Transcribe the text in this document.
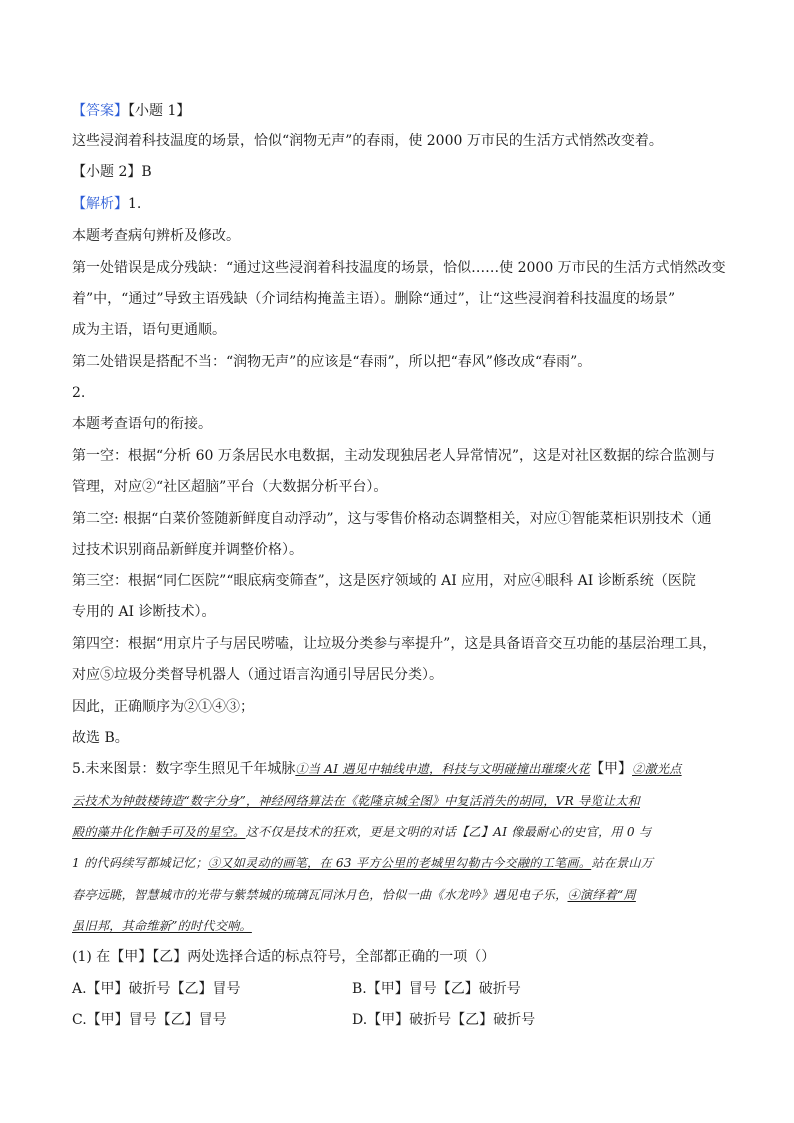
【答案】【小题 1】
这些浸润着科技温度的场景，恰似“润物无声”的春雨，使 2000 万市民的生活方式悄然改变着。
【小题 2】B
【解析】1.
本题考查病句辨析及修改。
第一处错误是成分残缺：“通过这些浸润着科技温度的场景，恰似……使 2000 万市民的生活方式悄然改变
着”中，“通过”导致主语残缺（介词结构掩盖主语）。删除“通过”，让“这些浸润着科技温度的场景”
成为主语，语句更通顺。
第二处错误是搭配不当：“润物无声”的应该是“春雨”，所以把“春风”修改成“春雨”。
2.
本题考查语句的衔接。
第一空：根据“分析 60 万条居民水电数据，主动发现独居老人异常情况”，这是对社区数据的综合监测与
管理，对应②“社区超脑”平台（大数据分析平台）。
第二空: 根据“白菜价签随新鲜度自动浮动”，这与零售价格动态调整相关，对应①智能菜柜识别技术（通
过技术识别商品新鲜度并调整价格）。
第三空：根据“同仁医院”“眼底病变筛查”，这是医疗领域的 AI 应用，对应④眼科 AI 诊断系统（医院
专用的 AI 诊断技术）。
第四空：根据“用京片子与居民唠嗑，让垃圾分类参与率提升”，这是具备语音交互功能的基层治理工具，
对应⑤垃圾分类督导机器人（通过语言沟通引导居民分类）。
因此，正确顺序为②①④③；
故选 B。
5.未来图景：数字孪生照见千年城脉①当 AI 遇见中轴线申遗，科技与文明碰撞出璀璨火花【甲】②激光点
云技术为钟鼓楼铸造“数字分身”，神经网络算法在《乾隆京城全图》中复活消失的胡同，VR 导览让太和
殿的藻井化作触手可及的星空。这不仅是技术的狂欢，更是文明的对话【乙】AI 像最耐心的史官，用 0 与
1 的代码续写都城记忆；③又如灵动的画笔，在 63 平方公里的老城里勾勒古今交融的工笔画。站在景山万
春亭远眺，智慧城市的光带与紫禁城的琉璃瓦同沐月色，恰似一曲《水龙吟》遇见电子乐，④演绎着“周
虽旧邦，其命维新”的时代交响。
(1) 在【甲】【乙】两处选择合适的标点符号，全部都正确的一项（）
A.【甲】破折号【乙】冒号	B.【甲】冒号【乙】破折号
C.【甲】冒号【乙】冒号	D.【甲】破折号【乙】破折号
